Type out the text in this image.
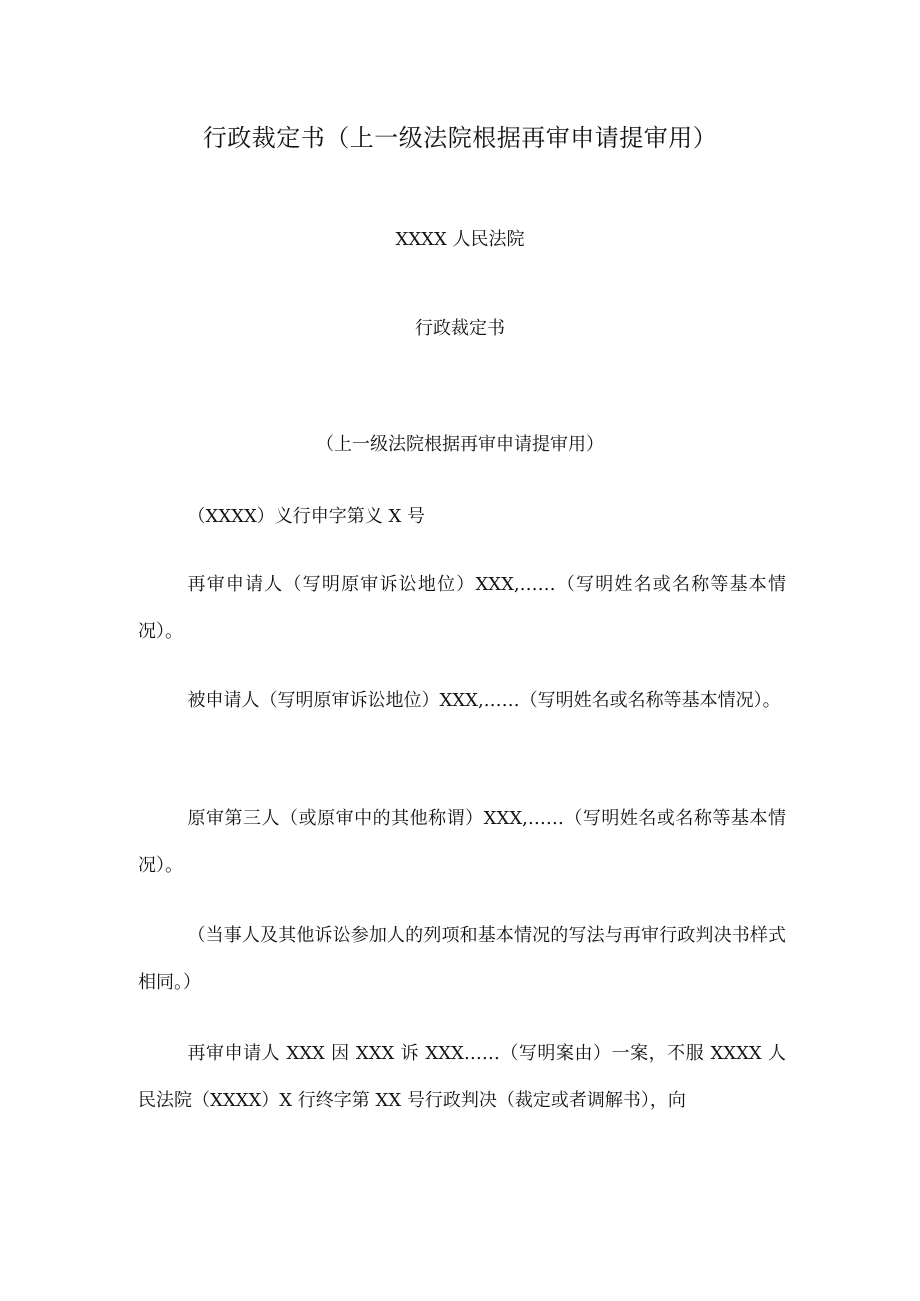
行政裁定书（上一级法院根据再审申请提审用）
XXXX 人民法院
行政裁定书
（上一级法院根据再审申请提审用）

（XXXX）义行申字第义 X 号

再审申请人（写明原审诉讼地位）XXX,……（写明姓名或名称等基本情况）。

被申请人（写明原审诉讼地位）XXX,……（写明姓名或名称等基本情况）。

原审第三人（或原审中的其他称谓）XXX,……（写明姓名或名称等基本情况）。

（当事人及其他诉讼参加人的列项和基本情况的写法与再审行政判决书样式相同。）

再审申请人 XXX 因 XXX 诉 XXX……（写明案由）一案，不服 XXXX 人民法院（XXXX）X 行终字第 XX 号行政判决（裁定或者调解书），向
